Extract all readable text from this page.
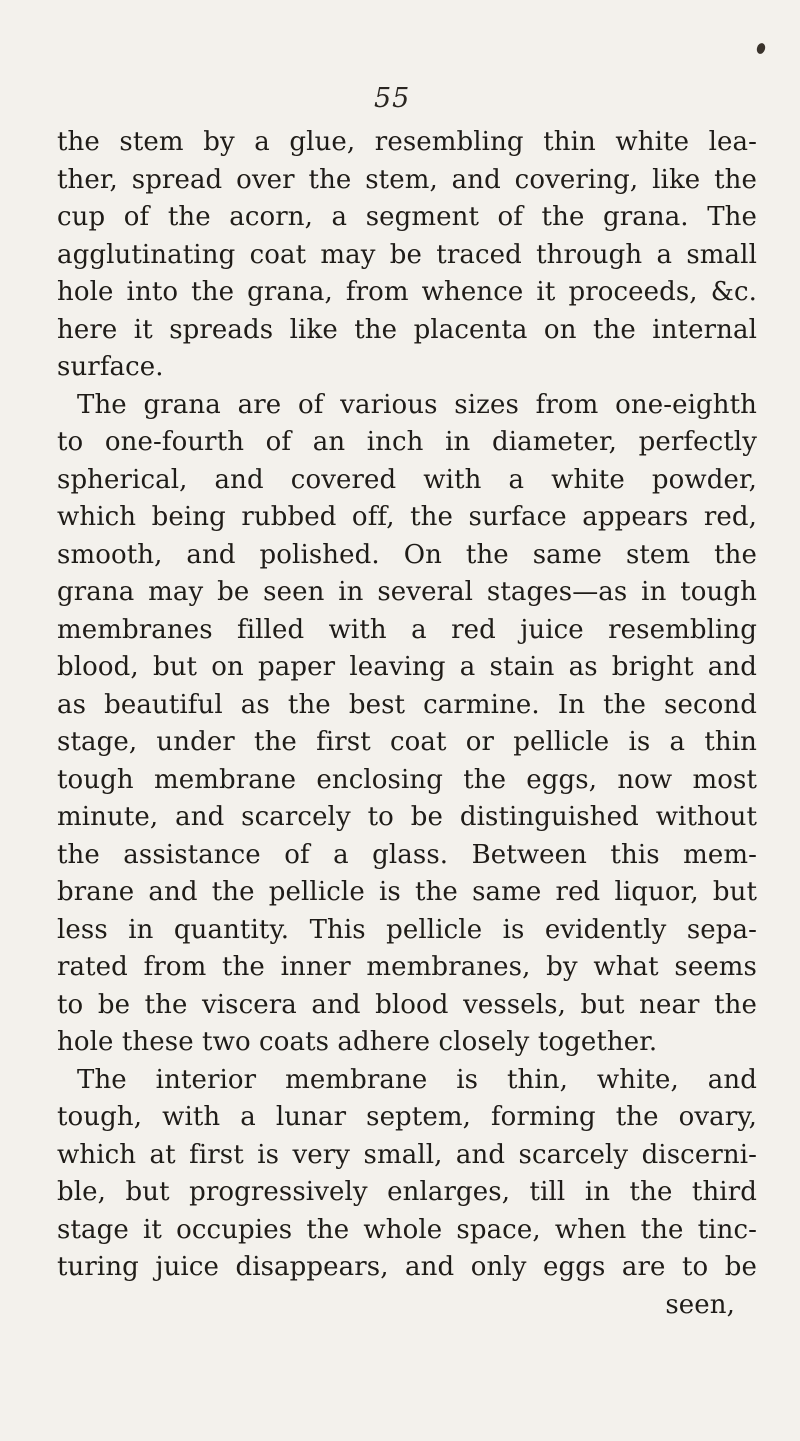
55
the stem by a glue, resembling thin white lea-
ther, spread over the stem, and covering, like the
cup of the acorn, a segment of the grana. The
agglutinating coat may be traced through a small
hole into the grana, from whence it proceeds, &c.
here it spreads like the placenta on the internal
surface.
The grana are of various sizes from one-eighth
to one-fourth of an inch in diameter, perfectly
spherical, and covered with a white powder,
which being rubbed off, the surface appears red,
smooth, and polished. On the same stem the
grana may be seen in several stages—as in tough
membranes filled with a red juice resembling
blood, but on paper leaving a stain as bright and
as beautiful as the best carmine. In the second
stage, under the first coat or pellicle is a thin
tough membrane enclosing the eggs, now most
minute, and scarcely to be distinguished without
the assistance of a glass. Between this mem-
brane and the pellicle is the same red liquor, but
less in quantity. This pellicle is evidently sepa-
rated from the inner membranes, by what seems
to be the viscera and blood vessels, but near the
hole these two coats adhere closely together.
The interior membrane is thin, white, and
tough, with a lunar septem, forming the ovary,
which at first is very small, and scarcely discerni-
ble, but progressively enlarges, till in the third
stage it occupies the whole space, when the tinc-
turing juice disappears, and only eggs are to be
seen,
